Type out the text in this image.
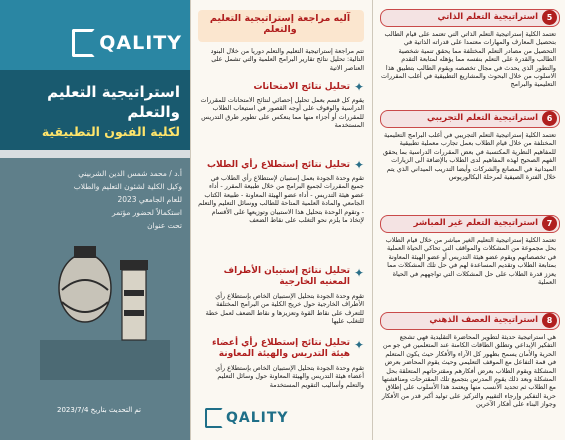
QALITY
استراتيجية التعليم والتعلم
لكلية الفنون التطبيقية
أ.د / محمد شمس الدين الشربيني
وكيل الكلية لشئون التعليم والطلاب
للعام الجامعي 2023
استكمالاً لحضور مؤتمر
تحت عنوان
2023/7/4 تم التحديث بتاريخ
آليه مراجعة إستراتيجية التعليم والتعلم
تتم مراجعة إستراتيجية التعليم والتعلم دوريا من خلال البنود التالية: تحليل نتائج تقارير البرامج العلمية والتي تشمل على العناصر الاتية
✦
تحليل نتائج الامتحانات
يقوم كل قسم بعمل تحليل إحصائي لنتائج الامتحانات للمقررات الدراسية والوقوف على أوجه القصور في استيعاب الطلاب للمقررات أو أجزاء منها مما ينعكس على تطوير طرق التدريس المستخدمة
✦
تحليل نتائج إستطلاع رأي الطلاب
تقوم وحدة الجودة بعمل إستبيان لإستطلاع رأي الطلاب في جميع المقررات لجميع البرامج من خلال طبيعة المقرر - أداء عضو هيئة التدريس - أداء عضو الهيئة المعاونة - طبيعة الكتاب الجامعي والمادة العلمية المتاحة للطالب ووسائل التعليم والتعلم - وتقوم الوحدة بتحليل هذا الاستبيان وتوزيعها على الأقسام لإتخاذ ما يلزم نحو التغلب على نقاط الضعف
✦
تحليل نتائج إستبيان الأطراف المعنيه الخارجية
تقوم وحدة الجودة بتحليل الإستبيان الخاص بإستطلاع رأي الأطراف الخارجية حول خريج الكلية من البرامج المختلفة للتعرف على نقاط القوة وتعزيزها و نقاط الضعف لعمل خطة للتغلب عليها
✦
تحليل نتائج إستطلاع رأي أعضاء هيئة التدريس والهيئة المعاونة
تقوم وحدة الجودة بتحليل الإستبيان الخاص بإستطلاع رأي أعضاء هيئة التدريس والهيئة المعاونة حول وسائل التعليم والتعلم وأساليب التقويم المستخدمة
QALITY
5
استراتيجية التعلم الذاتي
تعتمد الكلية إستراتيجية التعلم الذاتي التي تعتمد على قيام الطالب بتحصيل المعارف والمهارات معتمدا على قدراته الذاتية في التحصيل من مصادر التعلم المختلفة مما يحقق تنمية شخصية الطالب والقدرة على التعلم بنفسه مما يؤهله لمتابعة التقدم والتطور الذي يحدث في مجال تخصصه ويقوم الطالب بتطبيق هذا الاسلوب من خلال البحوث والمشاريع التطبيقية في أغلب المقررات التعليمية والبرامج
6
استراتيجية التعلم التجريبي
تعتمد الكلية إستراتيجية التعلم التجريبي في أغلب البرامج التعليمية المختلفة من خلال قيام الطلاب بعمل تجارب معملية تطبيقية للمفاهيم النظرية المكتسبة في بعض المقررات الدراسية بما يحقق الفهم الصحيح لهذه المفاهيم لدى الطلاب بالإضافة الى الزيارات الميدانية في المصانع والشركات وأيضا التدريب الميداني الذي يتم خلال الفترة الصيفية لمرحلة البكالوريوس
7
استراتيجية التعلم غير المباشر
تعتمد الكلية إستراتيجية التعليم الغير مباشر من خلال قيام الطلاب بحل مجموعة من المشكلات والمواقف التي تحاكي الحياة العملية في تخصصاتهم ويقوم عضو هيئة التدريس أو عضو الهيئة المعاونة بمتابعة الطلاب وتقديم المساعدة لهم في حل تلك المشكلات مما يعزز قدرة الطلاب على حل المشكلات التي تواجههم في الحياة العملية
8
استراتيجية العصف الذهني
هي استراتيجية حديثة لتطوير المحاضرة التقليدية فهي تشجع التفكير الإبداعي وتطلق الطاقات الكامنة عند المتعلمين في جو من الحرية والأمان يسمح بظهور كل الآراء والأفكار حيث يكون المتعلم في قمة التفاعل مع الموقف التعليمي وحيث يقوم المحاضر بعرض المشكلة ويقوم الطلاب بعرض أفكارهم ومقترحاتهم المتعلقة بحل المشكلة وبعد ذلك يقوم المدرس بتجميع تلك المقترحات ومناقشتها مع الطلاب ثم تحديد الأنسب منها ويعتمد هذا الأسلوب على إطلاق حرية التفكير وإرجاء التقييم والتركيز على توليد أكبر قدر من الأفكار وجواز البناء على أفكار الآخرين
